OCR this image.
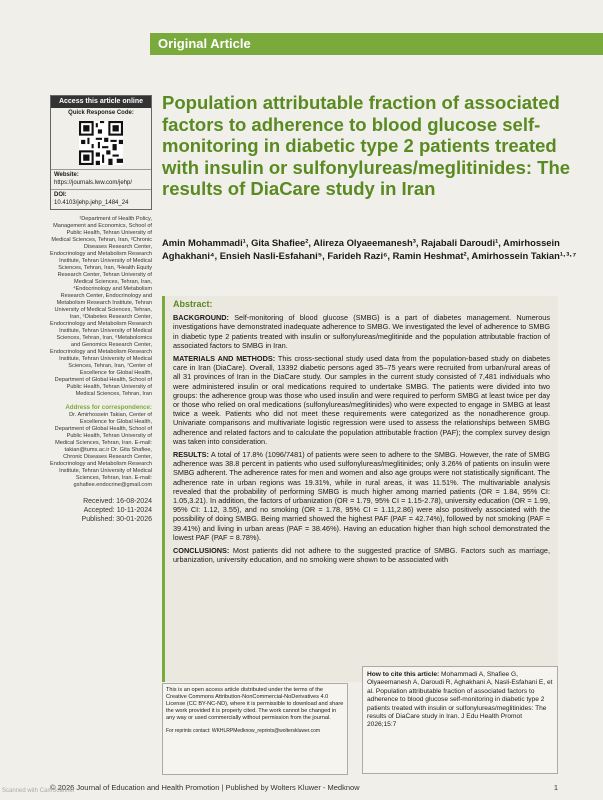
Original Article
Access this article online
Quick Response Code:
Website:
https://journals.lww.com/jehp/
DOI:
10.4103/jehp.jehp_1484_24
¹Department of Health Policy, Management and Economics, School of Public Health, Tehran University of Medical Sciences, Tehran, Iran, ²Chronic Diseases Research Center, Endocrinology and Metabolism Research Institute, Tehran University of Medical Sciences, Tehran, Iran, ³Health Equity Research Center, Tehran University of Medical Sciences, Tehran, Iran, ⁴Endocrinology and Metabolism Research Center, Endocrinology and Metabolism Research Institute, Tehran University of Medical Sciences, Tehran, Iran, ⁵Diabetes Research Center, Endocrinology and Metabolism Research Institute, Tehran University of Medical Sciences, Tehran, Iran, ⁶Metabolomics and Genomics Research Center, Endocrinology and Metabolism Research Institute, Tehran University of Medical Sciences, Tehran, Iran, ⁷Center of Excellence for Global Health, Department of Global Health, School of Public Health, Tehran University of Medical Sciences, Tehran, Iran
Address for correspondence:
Dr. Amirhossein Takian, Center of Excellence for Global Health, Department of Global Health, School of Public Health, Tehran University of Medical Sciences, Tehran, Iran. E-mail: takian@tums.ac.ir Dr. Gita Shafiee, Chronic Diseases Research Center, Endocrinology and Metabolism Research Institute, Tehran University of Medical Sciences, Tehran, Iran. E-mail: gshafiee.endocrine@gmail.com
Received: 16-08-2024
Accepted: 10-11-2024
Published: 30-01-2026
Population attributable fraction of associated factors to adherence to blood glucose self-monitoring in diabetic type 2 patients treated with insulin or sulfonylureas/meglitinides: The results of DiaCare study in Iran
Amin Mohammadi¹, Gita Shafiee², Alireza Olyaeemanesh³, Rajabali Daroudi¹, Amirhossein Aghakhani⁴, Ensieh Nasli-Esfahani⁵, Farideh Razi⁶, Ramin Heshmat², Amirhossein Takian¹·³·⁷
Abstract:

BACKGROUND: Self-monitoring of blood glucose (SMBG) is a part of diabetes management. Numerous investigations have demonstrated inadequate adherence to SMBG. We investigated the level of adherence to SMBG in diabetic type 2 patients treated with insulin or sulfonylureas/meglitinide and the population attributable fraction of associated factors to SMBG in Iran.

MATERIALS AND METHODS: This cross-sectional study used data from the population-based study on diabetes care in Iran (DiaCare). Overall, 13392 diabetic persons aged 35–75 years were recruited from urban/rural areas of all 31 provinces of Iran in the DiaCare study. Our samples in the current study consisted of 7,481 individuals who were administered insulin or oral medications required to undertake SMBG. The patients were divided into two groups: the adherence group was those who used insulin and were required to perform SMBG at least twice per day or those who relied on oral medications (sulfonylureas/meglitinides) who were expected to engage in SMBG at least twice a week. Patients who did not meet these requirements were categorized as the nonadherence group. Univariate comparisons and multivariate logistic regression were used to assess the relationships between SMBG adherence and related factors and to calculate the population attributable fraction (PAF); the complex survey design was taken into consideration.

RESULTS: A total of 17.8% (1096/7481) of patients were seen to adhere to the SMBG. However, the rate of SMBG adherence was 38.8 percent in patients who used sulfonylureas/meglitinides; only 3.26% of patients on insulin were SMBG adherent. The adherence rates for men and women and also age groups were not statistically significant. The adherence rate in urban regions was 19.31%, while in rural areas, it was 11.51%. The multivariable analysis revealed that the probability of performing SMBG is much higher among married patients (OR = 1.84, 95% CI: 1.05,3.21). In addition, the factors of urbanization (OR = 1.79, 95% CI = 1.15-2.78), university education (OR = 1.99, 95% CI: 1.12, 3.55), and no smoking (OR = 1.78, 95% CI = 1.11,2.86) were also positively associated with the possibility of doing SMBG. Being married showed the highest PAF (PAF = 42.74%), followed by not smoking (PAF = 39.41%) and living in urban areas (PAF = 38.46%). Having an education higher than high school demonstrated the lowest PAF (PAF = 8.78%).

CONCLUSIONS: Most patients did not adhere to the suggested practice of SMBG. Factors such as marriage, urbanization, university education, and no smoking were shown to be associated with

This is an open access article distributed under the terms of the Creative Commons Attribution-NonCommercial-NoDerivatives 4.0 License (CC BY-NC-ND), where it is permissible to download and share the work provided it is properly cited. The work cannot be changed in any way or used commercially without permission from the journal.
For reprints contact: WKHLRPMedknow_reprints@wolterskluwer.com
How to cite this article: Mohammadi A, Shafiee G, Olyaeemanesh A, Daroudi R, Aghakhani A, Nasli-Esfahani E, et al. Population attributable fraction of associated factors to adherence to blood glucose self-monitoring in diabetic type 2 patients treated with insulin or sulfonylureas/meglitinides: The results of DiaCare study in Iran. J Edu Health Promot 2026;15:7
© 2026 Journal of Education and Health Promotion | Published by Wolters Kluwer - Medknow	1
Scanned with CamScanner
